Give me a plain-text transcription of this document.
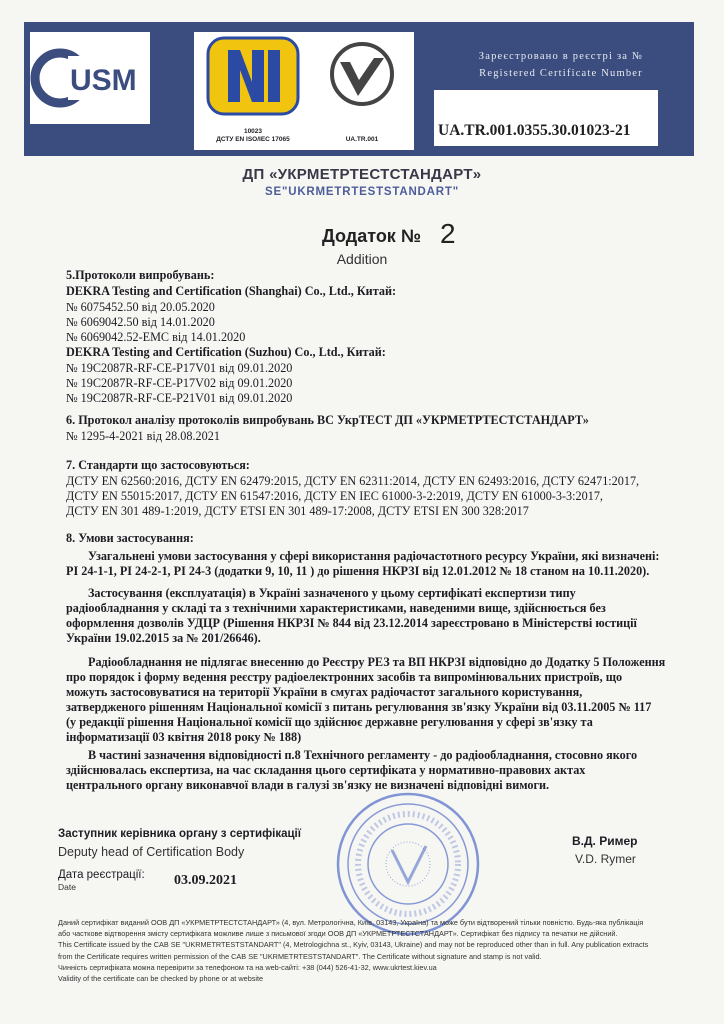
USM
10023
ДСТУ EN ISO/IEC 17065	UA.TR.001
Зареєстровано в реєстрі за №
Registered Certificate Number
UA.TR.001.0355.30.01023-21
ДП «УКРМЕТРТЕСТСТАНДАРТ»
SE"UKRMETRTESTSTANDART"
Додаток № 2
Addition
5.Протоколи випробувань:
DEKRA Testing and Certification (Shanghai) Co., Ltd., Китай:
№ 6075452.50 від 20.05.2020
№ 6069042.50 від 14.01.2020
№ 6069042.52-EMC від 14.01.2020
DEKRA Testing and Certification (Suzhou) Co., Ltd., Китай:
№ 19C2087R-RF-CE-P17V01 від 09.01.2020
№ 19C2087R-RF-CE-P17V02 від 09.01.2020
№ 19C2087R-RF-CE-P21V01 від 09.01.2020
6. Протокол аналізу протоколів випробувань ВС УкрТЕСТ ДП «УКРМЕТРТЕСТСТАНДАРТ»
№ 1295-4-2021 від 28.08.2021
7. Стандарти що застосовуються:
ДСТУ EN 62560:2016, ДСТУ EN 62479:2015, ДСТУ EN 62311:2014, ДСТУ EN 62493:2016, ДСТУ 62471:2017,
ДСТУ EN 55015:2017, ДСТУ EN 61547:2016, ДСТУ EN IEC 61000-3-2:2019, ДСТУ EN 61000-3-3:2017,
ДСТУ EN 301 489-1:2019, ДСТУ ETSI EN 301 489-17:2008, ДСТУ ETSI EN 300 328:2017
8. Умови застосування:
Узагальнені умови застосування у сфері використання радіочастотного ресурсу України, які визначені:
РІ 24-1-1, РІ 24-2-1, РІ 24-3 (додатки 9, 10, 11 ) до рішення НКРЗІ від 12.01.2012 № 18 станом на 10.11.2020).
Застосування (експлуатація) в Україні зазначеного у цьому сертифікаті експертизи типу
радіообладнання у складі та з технічними характеристиками, наведеними вище, здійснюється без
оформлення дозволів УДЦР (Рішення НКРЗІ № 844 від 23.12.2014 зареєстровано в Міністерстві юстиції
України 19.02.2015 за № 201/26646).
Радіообладнання не підлягає внесенню до Реєстру РЕЗ та ВП НКРЗІ відповідно до Додатку 5 Положення
про порядок і форму ведення реєстру радіоелектронних засобів та випромінювальних пристроїв, що
можуть застосовуватися на території України в смугах радіочастот загального користування,
затвердженого рішенням Національної комісії з питань регулювання зв'язку України від 03.11.2005 № 117
(у редакції рішення Національної комісії що здійснює державне регулювання у сфері зв'язку та
інформатизації 03 квітня 2018 року № 188)
В частині зазначення відповідності п.8 Технічного регламенту - до радіообладнання, стосовно якого
здійснювалась експертиза, на час складання цього сертифіката у нормативно-правових актах
центрального органу виконавчої влади в галузі зв'язку не визначені відповідні вимоги.
Заступник керівника органу з сертифікації
Deputy head of Certification Body
В.Д. Ример
V.D. Rymer
Дата реєстрації:
Date	03.09.2021
Даний сертифікат виданий ООВ ДП «УКРМЕТРТЕСТСТАНДАРТ» (4, вул. Метрологічна, Київ, 03143, Україна) та може бути відтворений тільки повністю. Будь-яка публікація
або часткове відтворення змісту сертифіката можливе лише з письмової згоди ООВ ДП «УКРМЕТРТЕСТСТАНДАРТ». Сертифікат без підпису та печатки не дійсний.
This Certificate issued by the CAB SE "UKRMETRTESTSTANDART" (4, Metrologichna st., Kyiv, 03143, Ukraine) and may not be reproduced other than in full. Any publication extracts
from the Certificate requires written permission of the CAB SE "UKRMETRTESTSTANDART". The Certificate without signature and stamp is not valid.
Чинність сертифіката можна перевірити за телефоном та на web-сайті: +38 (044) 526-41-32, www.ukrtest.kiev.ua
Validity of the certificate can be checked by phone or at website
